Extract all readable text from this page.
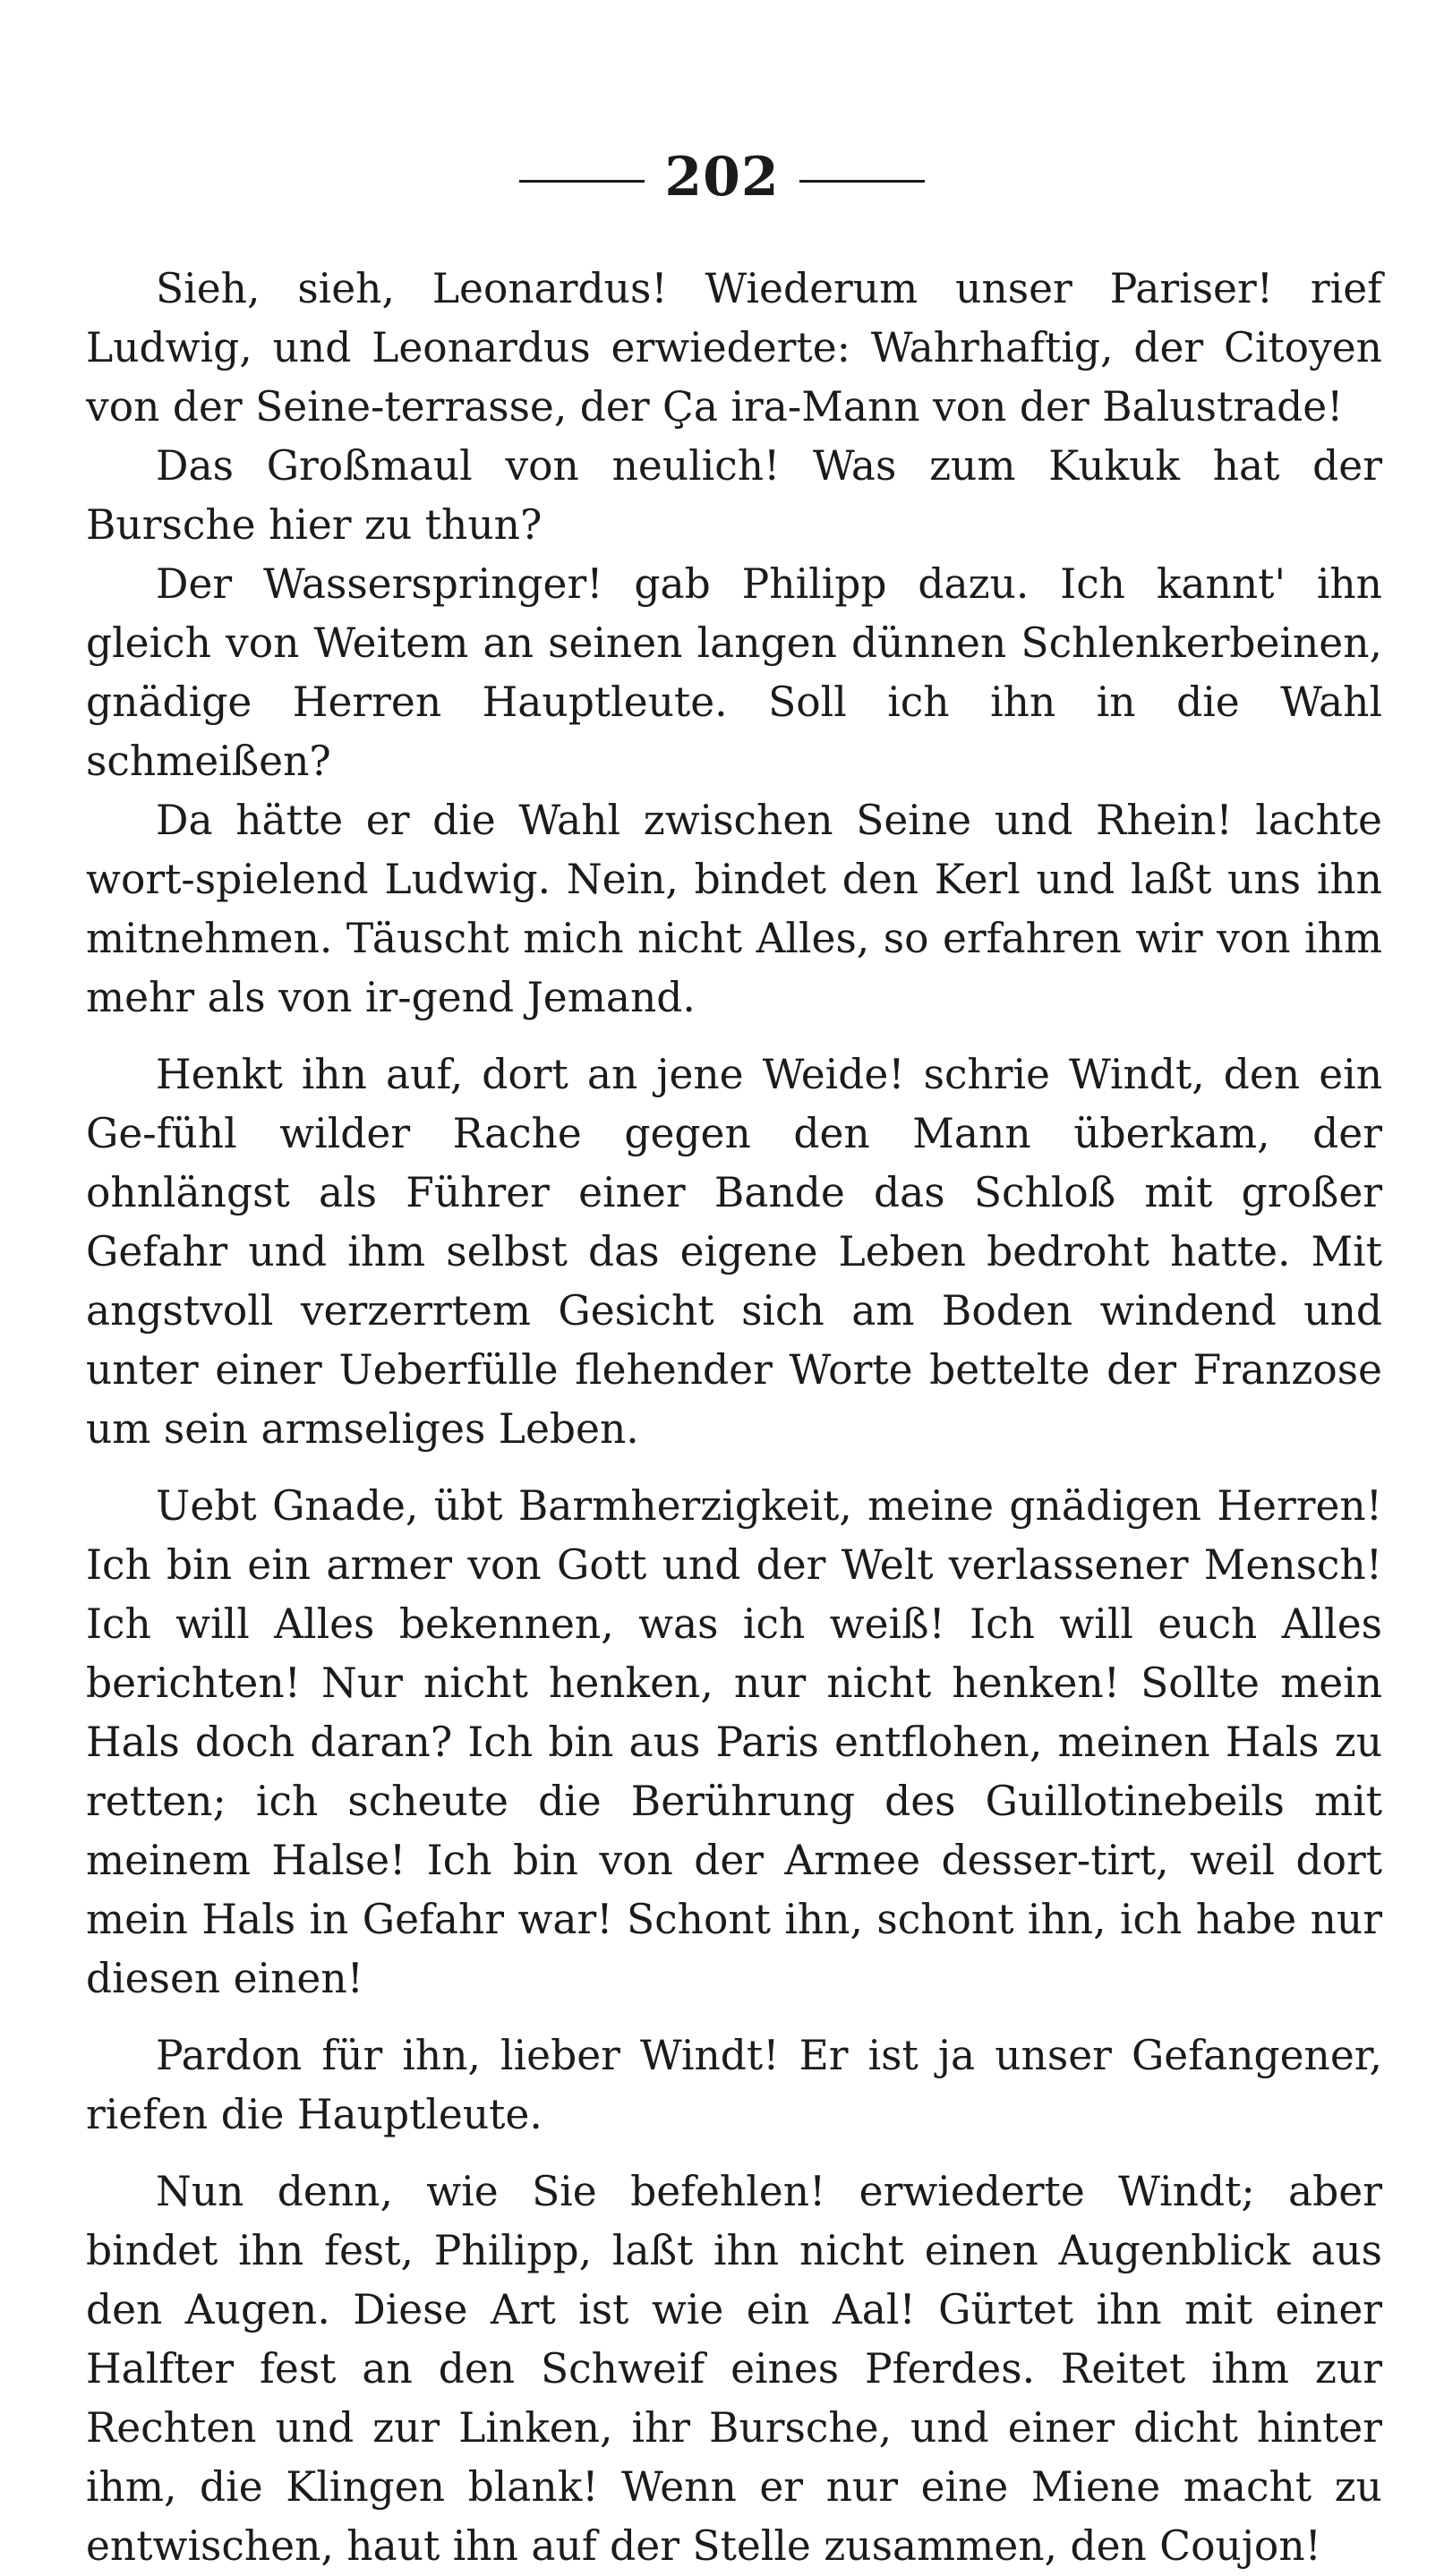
202

Sieh, sieh, Leonardus! Wiederum unser Pariser! rief Ludwig, und Leonardus erwiederte: Wahrhaftig, der Citoyen von der Seine-terrasse, der Ça ira-Mann von der Balustrade!

Das Großmaul von neulich! Was zum Kukuk hat der Bursche hier zu thun?

Der Wasserspringer! gab Philipp dazu. Ich kannt' ihn gleich von Weitem an seinen langen dünnen Schlenkerbeinen, gnädige Herren Hauptleute. Soll ich ihn in die Wahl schmeißen?

Da hätte er die Wahl zwischen Seine und Rhein! lachte wort-spielend Ludwig. Nein, bindet den Kerl und laßt uns ihn mitnehmen. Täuscht mich nicht Alles, so erfahren wir von ihm mehr als von ir-gend Jemand.

Henkt ihn auf, dort an jene Weide! schrie Windt, den ein Ge-fühl wilder Rache gegen den Mann überkam, der ohnlängst als Führer einer Bande das Schloß mit großer Gefahr und ihm selbst das eigene Leben bedroht hatte. Mit angstvoll verzerrtem Gesicht sich am Boden windend und unter einer Ueberfülle flehender Worte bettelte der Franzose um sein armseliges Leben.

Uebt Gnade, übt Barmherzigkeit, meine gnädigen Herren! Ich bin ein armer von Gott und der Welt verlassener Mensch! Ich will Alles bekennen, was ich weiß! Ich will euch Alles berichten! Nur nicht henken, nur nicht henken! Sollte mein Hals doch daran? Ich bin aus Paris entflohen, meinen Hals zu retten; ich scheute die Berührung des Guillotinebeils mit meinem Halse! Ich bin von der Armee desser-tirt, weil dort mein Hals in Gefahr war! Schont ihn, schont ihn, ich habe nur diesen einen!

Pardon für ihn, lieber Windt! Er ist ja unser Gefangener, riefen die Hauptleute.

Nun denn, wie Sie befehlen! erwiederte Windt; aber bindet ihn fest, Philipp, laßt ihn nicht einen Augenblick aus den Augen. Diese Art ist wie ein Aal! Gürtet ihn mit einer Halfter fest an den Schweif eines Pferdes. Reitet ihm zur Rechten und zur Linken, ihr Bursche, und einer dicht hinter ihm, die Klingen blank! Wenn er nur eine Miene macht zu entwischen, haut ihn auf der Stelle zusammen, den Coujon!
